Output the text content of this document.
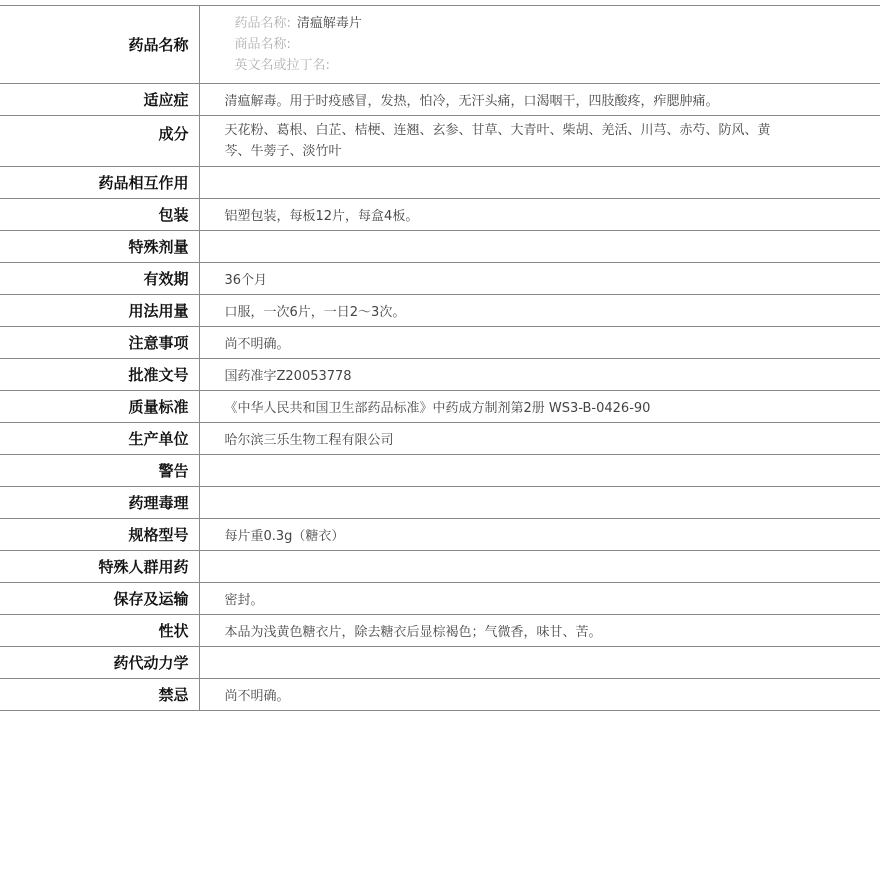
药品名称	药品名称: 清瘟解毒片
商品名称:
英文名或拉丁名:

适应症	清瘟解毒。用于时疫感冒，发热，怕冷，无汗头痛，口渴咽干，四肢酸疼，痄腮肿痛。
成分	天花粉、葛根、白芷、桔梗、连翘、玄参、甘草、大青叶、柴胡、羌活、川芎、赤芍、防风、黄芩、牛蒡子、淡竹叶

药品相互作用	
包装	铝塑包装，每板12片，每盒4板。
特殊剂量	
有效期	36个月
用法用量	口服，一次6片，一日2～3次。
注意事项	尚不明确。
批准文号	国药准字Z20053778
质量标准	《中华人民共和国卫生部药品标准》中药成方制剂第2册 WS3-B-0426-90
生产单位	哈尔滨三乐生物工程有限公司
警告	
药理毒理	
规格型号	每片重0.3g（糖衣）
特殊人群用药	
保存及运输	密封。
性状	本品为浅黄色糖衣片，除去糖衣后显棕褐色；气微香，味甘、苦。
药代动力学	
禁忌	尚不明确。
